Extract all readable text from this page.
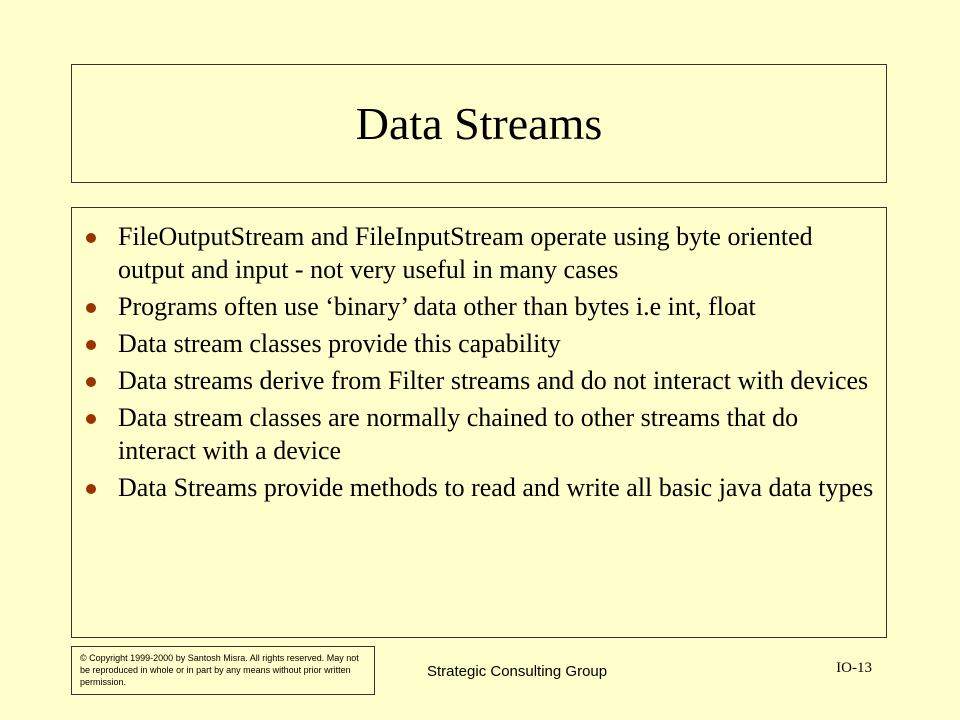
Data Streams
FileOutputStream and FileInputStream operate using byte oriented output and input - not very useful in many cases
Programs often use ‘binary’ data other than bytes i.e int, float
Data stream classes provide this capability
Data streams derive from Filter streams and do not interact with devices
Data stream classes are normally chained to other streams that do interact with a device
Data Streams provide methods to read and write all basic java data types
© Copyright 1999-2000 by Santosh Misra. All rights reserved. May not be reproduced in whole or in part by any means without prior written permission.
Strategic Consulting Group	IO-13
